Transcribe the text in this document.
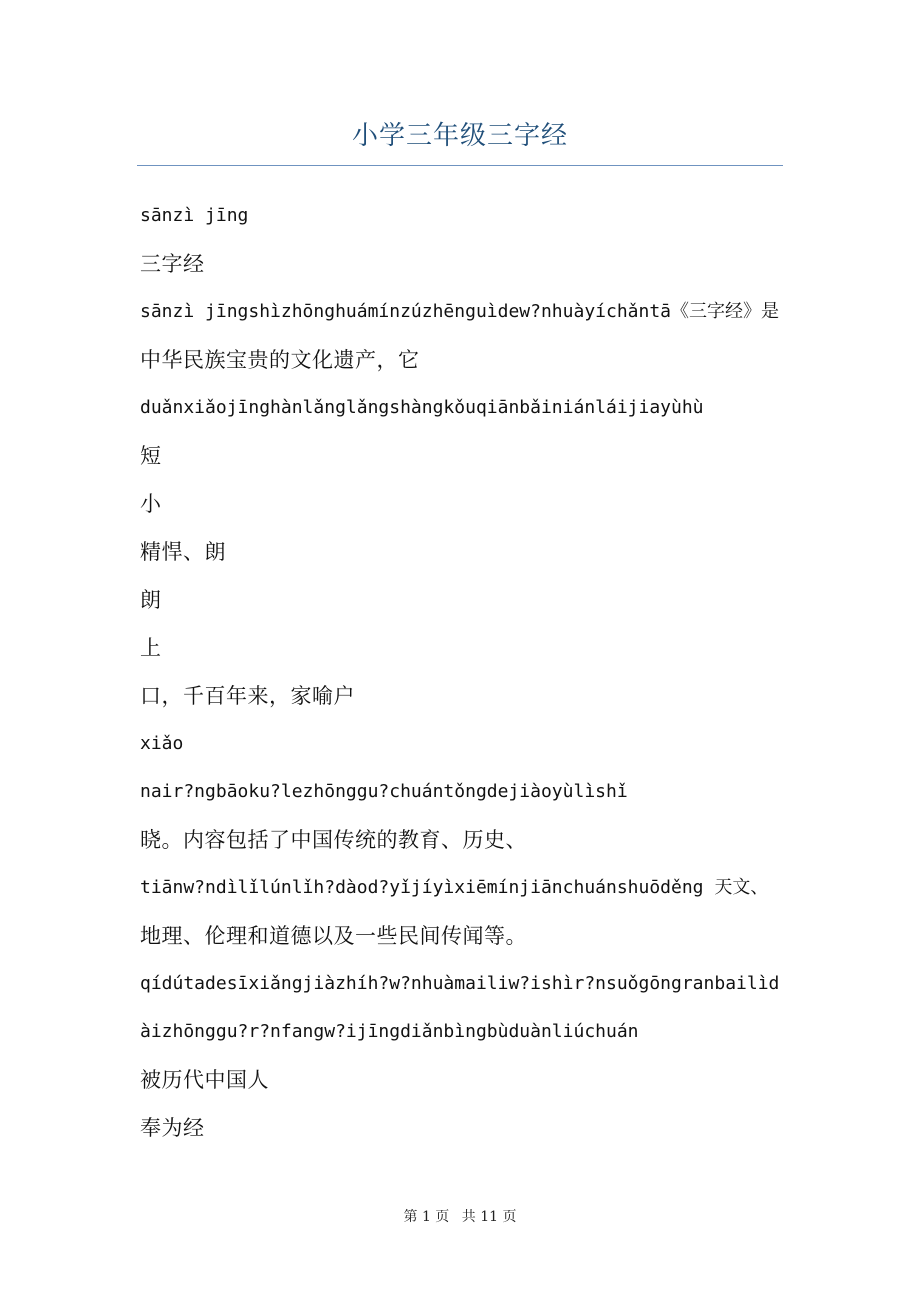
小学三年级三字经
sānzì jīng
三字经
sānzì jīngshìzhōnghuámínzúzhēnguìdew?nhuàyíchǎntā《三字经》是
中华民族宝贵的文化遗产，它
duǎnxiǎojīnghànlǎnglǎngshàngkǒuqiānbǎiniánláijiayùhù
短
小
精悍、朗
朗
上
口，千百年来，家喻户
xiǎo
nair?ngbāoku?lezhōnggu?chuántǒngdejiàoyùlìshǐ
晓。内容包括了中国传统的教育、历史、
tiānw?ndìlǐlúnlǐh?dàod?yǐjíyìxiēmínjiānchuánshuōděng 天文、
地理、伦理和道德以及一些民间传闻等。
qídútadesīxiǎngjiàzhíh?w?nhuàmailiw?ishìr?nsuǒgōngranbailìd
àizhōnggu?r?nfangw?ijīngdiǎnbìngbùduànliúchuán
被历代中国人
奉为经
第 1 页 共 11 页
